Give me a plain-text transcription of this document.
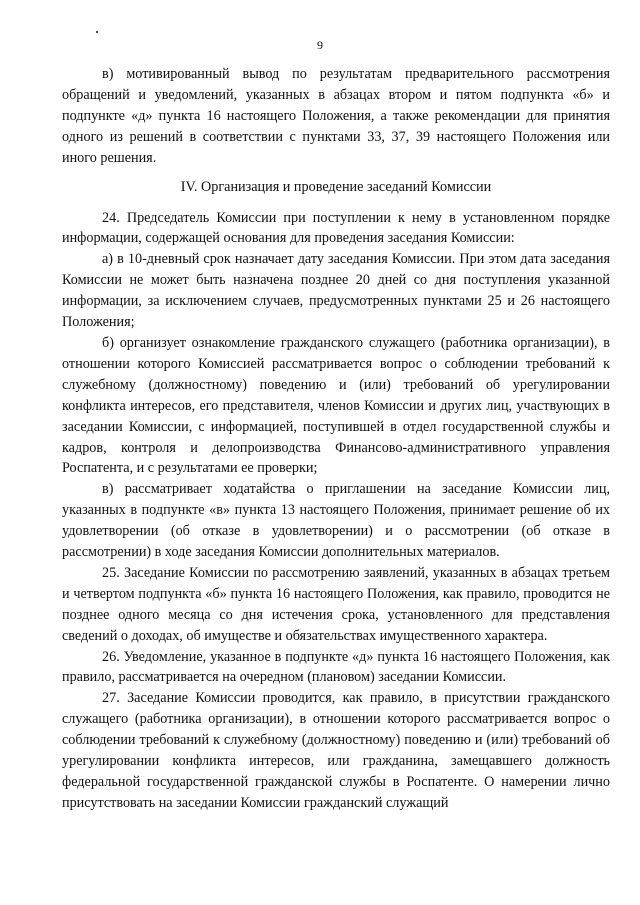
9

в) мотивированный вывод по результатам предварительного рассмотрения обращений и уведомлений, указанных в абзацах втором и пятом подпункта «б» и подпункте «д» пункта 16 настоящего Положения, а также рекомендации для принятия одного из решений в соответствии с пунктами 33, 37, 39 настоящего Положения или иного решения.

IV. Организация и проведение заседаний Комиссии

24. Председатель Комиссии при поступлении к нему в установленном порядке информации, содержащей основания для проведения заседания Комиссии:

а) в 10-дневный срок назначает дату заседания Комиссии. При этом дата заседания Комиссии не может быть назначена позднее 20 дней со дня поступления указанной информации, за исключением случаев, предусмотренных пунктами 25 и 26 настоящего Положения;

б) организует ознакомление гражданского служащего (работника организации), в отношении которого Комиссией рассматривается вопрос о соблюдении требований к служебному (должностному) поведению и (или) требований об урегулировании конфликта интересов, его представителя, членов Комиссии и других лиц, участвующих в заседании Комиссии, с информацией, поступившей в отдел государственной службы и кадров, контроля и делопроизводства Финансово-административного управления Роспатента, и с результатами ее проверки;

в) рассматривает ходатайства о приглашении на заседание Комиссии лиц, указанных в подпункте «в» пункта 13 настоящего Положения, принимает решение об их удовлетворении (об отказе в удовлетворении) и о рассмотрении (об отказе в рассмотрении) в ходе заседания Комиссии дополнительных материалов.

25. Заседание Комиссии по рассмотрению заявлений, указанных в абзацах третьем и четвертом подпункта «б» пункта 16 настоящего Положения, как правило, проводится не позднее одного месяца со дня истечения срока, установленного для представления сведений о доходах, об имуществе и обязательствах имущественного характера.

26. Уведомление, указанное в подпункте «д» пункта 16 настоящего Положения, как правило, рассматривается на очередном (плановом) заседании Комиссии.

27. Заседание Комиссии проводится, как правило, в присутствии гражданского служащего (работника организации), в отношении которого рассматривается вопрос о соблюдении требований к служебному (должностному) поведению и (или) требований об урегулировании конфликта интересов, или гражданина, замещавшего должность федеральной государственной гражданской службы в Роспатенте. О намерении лично присутствовать на заседании Комиссии гражданский служащий
